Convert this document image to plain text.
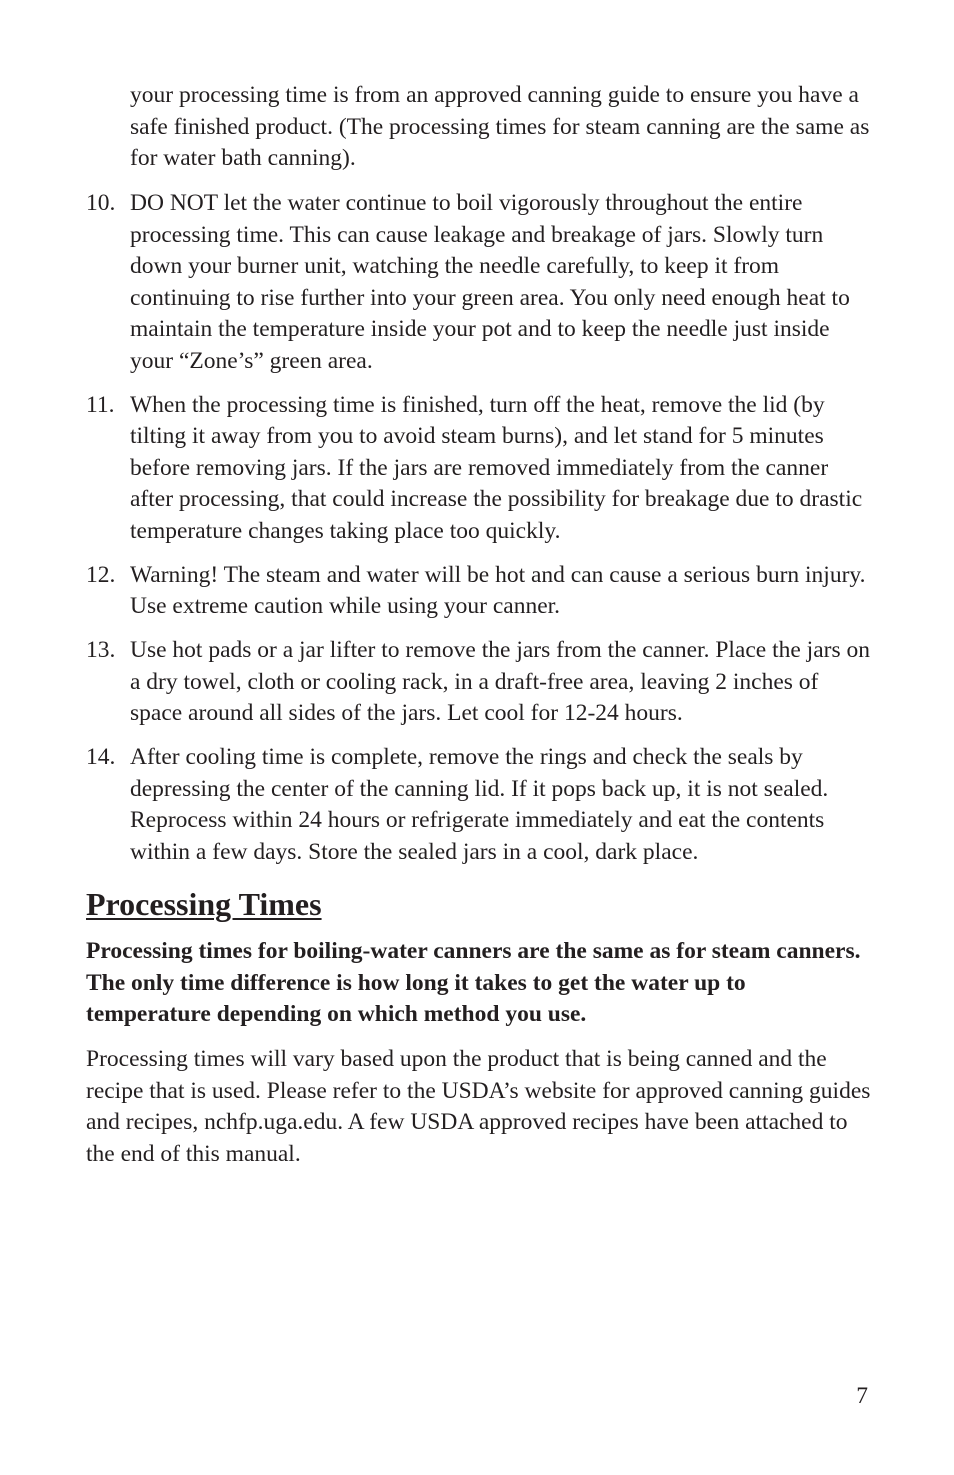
your processing time is from an approved canning guide to ensure you have a safe finished product. (The processing times for steam canning are the same as for water bath canning).

10. DO NOT let the water continue to boil vigorously throughout the entire processing time. This can cause leakage and breakage of jars. Slowly turn down your burner unit, watching the needle carefully, to keep it from continuing to rise further into your green area. You only need enough heat to maintain the temperature inside your pot and to keep the needle just inside your “Zone’s” green area.
11. When the processing time is finished, turn off the heat, remove the lid (by tilting it away from you to avoid steam burns), and let stand for 5 minutes before removing jars. If the jars are removed immediately from the canner after processing, that could increase the possibility for breakage due to drastic temperature changes taking place too quickly.
12. Warning! The steam and water will be hot and can cause a serious burn injury. Use extreme caution while using your canner.
13. Use hot pads or a jar lifter to remove the jars from the canner. Place the jars on a dry towel, cloth or cooling rack, in a draft-free area, leaving 2 inches of space around all sides of the jars. Let cool for 12-24 hours.
14. After cooling time is complete, remove the rings and check the seals by depressing the center of the canning lid. If it pops back up, it is not sealed. Reprocess within 24 hours or refrigerate immediately and eat the contents within a few days. Store the sealed jars in a cool, dark place.
Processing Times

Processing times for boiling-water canners are the same as for steam canners. The only time difference is how long it takes to get the water up to temperature depending on which method you use.

Processing times will vary based upon the product that is being canned and the recipe that is used. Please refer to the USDA’s website for approved canning guides and recipes, nchfp.uga.edu. A few USDA approved recipes have been attached to the end of this manual.

7
